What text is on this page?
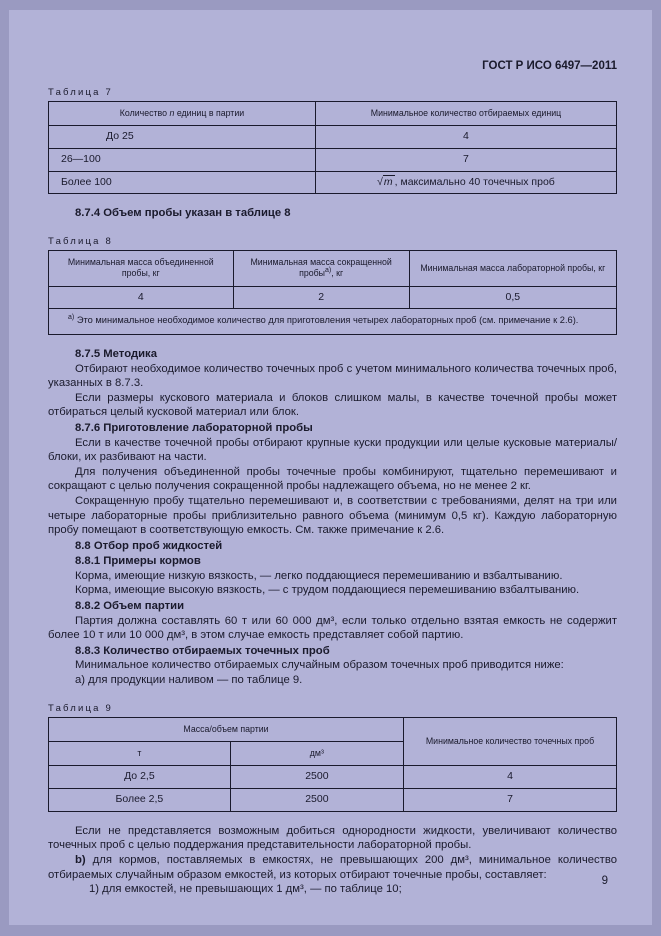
ГОСТ Р ИСО 6497—2011
Таблица 7
Количество n единиц в партии	Минимальное количество отбираемых единиц
До 25	4
26—100	7
Более 100	√m , максимально 40 точечных проб

8.7.4 Объем пробы указан в таблице 8

Таблица 8
Минимальная масса объединенной пробы, кг	Минимальная масса сокращенной пробы$^{а)}$, кг	Минимальная масса лабораторной пробы, кг
4	2	0,5
$^{а)}$ Это минимальное необходимое количество для приготовления четырех лабораторных проб (см. примечание к 2.6).		

8.7.5 Методика

Отбирают необходимое количество точечных проб с учетом минимального количества точечных проб, указанных в 8.7.3.

Если размеры кускового материала и блоков слишком малы, в качестве точечной пробы может отбираться целый кусковой материал или блок.

8.7.6 Приготовление лабораторной пробы

Если в качестве точечной пробы отбирают крупные куски продукции или целые кусковые материалы/блоки, их разбивают на части.

Для получения объединенной пробы точечные пробы комбинируют, тщательно перемешивают и сокращают с целью получения сокращенной пробы надлежащего объема, но не менее 2 кг.

Сокращенную пробу тщательно перемешивают и, в соответствии с требованиями, делят на три или четыре лабораторные пробы приблизительно равного объема (минимум 0,5 кг). Каждую лабораторную пробу помещают в соответствующую емкость. См. также примечание к 2.6.

8.8 Отбор проб жидкостей

8.8.1 Примеры кормов

Корма, имеющие низкую вязкость, — легко поддающиеся перемешиванию и взбалтыванию.

Корма, имеющие высокую вязкость, — с трудом поддающиеся перемешиванию взбалтыванию.

8.8.2 Объем партии

Партия должна составлять 60 т или 60 000 дм³, если только отдельно взятая емкость не содержит более 10 т или 10 000 дм³, в этом случае емкость представляет собой партию.

8.8.3 Количество отбираемых точечных проб

Минимальное количество отбираемых случайным образом точечных проб приводится ниже:

а) для продукции наливом — по таблице 9.

Таблица 9
Масса/объем партии		Минимальное количество точечных проб
т	дм³	
До 2,5	2500	4
Более 2,5	2500	7

Если не представляется возможным добиться однородности жидкости, увеличивают количество точечных проб с целью поддержания представительности лабораторной пробы.

b) для кормов, поставляемых в емкостях, не превышающих 200 дм³, минимальное количество отбираемых случайным образом емкостей, из которых отбирают точечные пробы, составляет:

1) для емкостей, не превышающих 1 дм³, — по таблице 10;

9
